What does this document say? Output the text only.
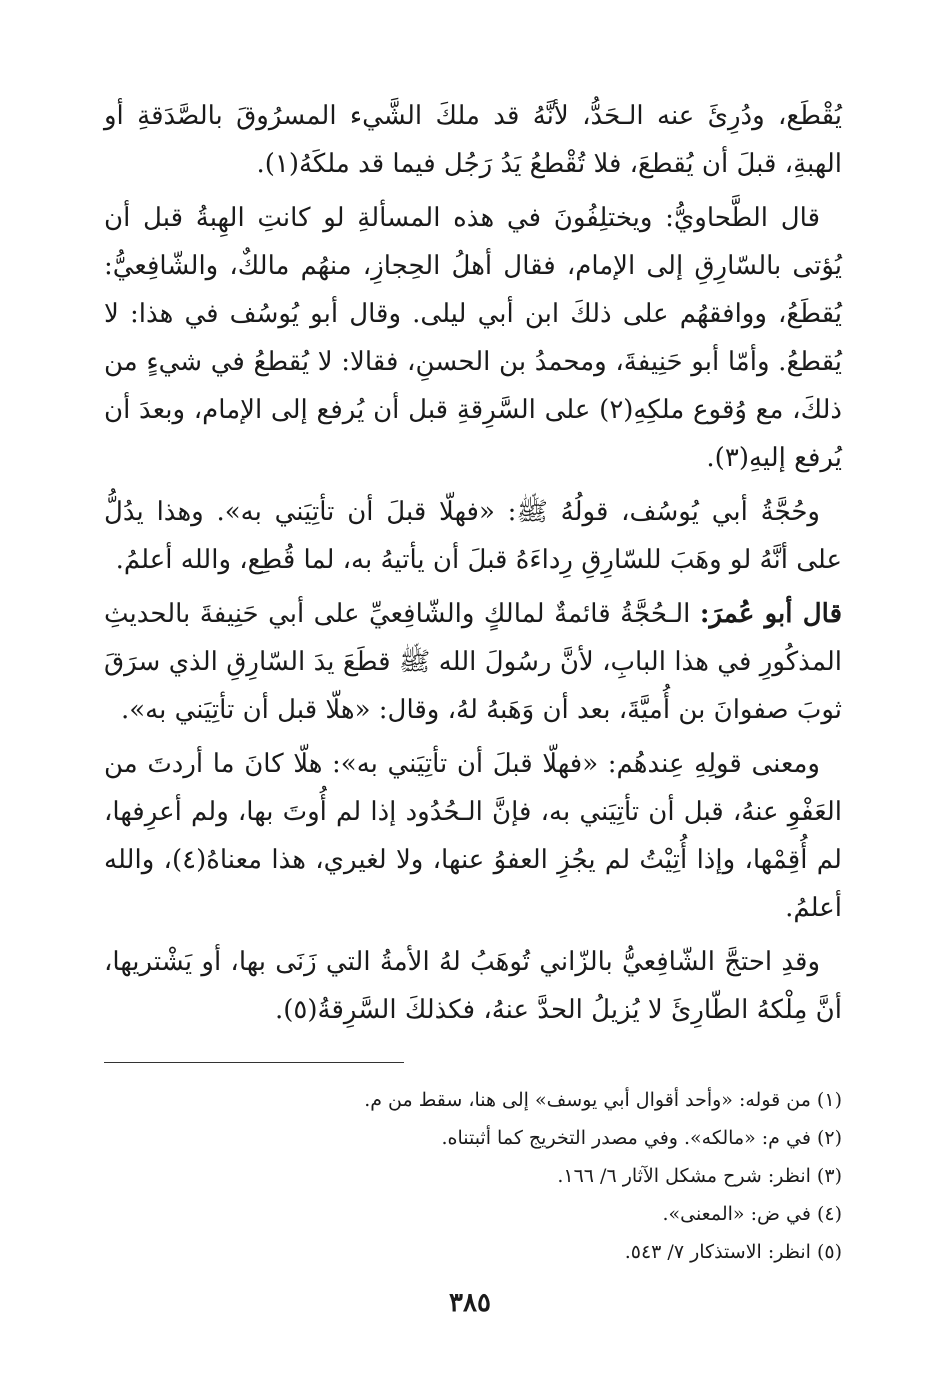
يُقْطَع، ودُرِئَ عنه الـحَدُّ، لأنَّهُ قد ملكَ الشَّيء المسرُوقَ بالصَّدَقةِ أو الهبةِ، قبلَ أن يُقطعَ، فلا تُقْطعُ يَدُ رَجُل فيما قد ملكَهُ(١).

قال الطَّحاويُّ: ويختلِفُونَ في هذه المسألةِ لو كانتِ الهِبةُ قبل أن يُؤتى بالسّارِقِ إلى الإمام، فقال أهلُ الحِجازِ، منهُم مالكٌ، والشّافِعيُّ: يُقطَعُ، ووافقهُم على ذلكَ ابن أبي ليلى. وقال أبو يُوسُف في هذا: لا يُقطعُ. وأمّا أبو حَنِيفةَ، ومحمدُ بن الحسنِ، فقالا: لا يُقطعُ في شيءٍ من ذلكَ، مع وُقوع ملكِهِ(٢) على السَّرِقةِ قبل أن يُرفع إلى الإمام، وبعدَ أن يُرفع إليهِ(٣).

وحُجَّةُ أبي يُوسُف، قولُهُ ﷺ: «فهلّا قبلَ أن تأتِيَني به». وهذا يدُلُّ على أنَّهُ لو وهَبَ للسّارِقِ رِداءَهُ قبلَ أن يأتيهُ به، لما قُطِع، والله أعلمُ.

قال أبو عُمرَ: الـحُجَّةُ قائمةٌ لمالكٍ والشّافِعيِّ على أبي حَنِيفةَ بالحديثِ المذكُورِ في هذا البابِ، لأنَّ رسُولَ الله ﷺ قطَعَ يدَ السّارِقِ الذي سرَقَ ثوبَ صفوانَ بن أُميَّةَ، بعد أن وَهَبهُ لهُ، وقال: «هلّا قبل أن تأتِيَني به».

ومعنى قولِهِ عِندهُم: «فهلّا قبلَ أن تأتِيَني به»: هلّا كانَ ما أردتَ من العَفْوِ عنهُ، قبل أن تأتِيَني به، فإنَّ الـحُدُود إذا لم أُوتَ بها، ولم أعرِفها، لم أُقِمْها، وإذا أُتِيْتُ لم يجُزِ العفوُ عنها، ولا لغيري، هذا معناهُ(٤)، والله أعلمُ.

وقدِ احتجَّ الشّافِعيُّ بالزّاني تُوهَبُ لهُ الأمةُ التي زَنَى بها، أو يَشْتريها، أنَّ مِلْكهُ الطّارِئَ لا يُزيلُ الحدَّ عنهُ، فكذلكَ السَّرِقةُ(٥).

(١) من قوله: «وأحد أقوال أبي يوسف» إلى هنا، سقط من م.
(٢) في م: «مالكه». وفي مصدر التخريج كما أثبتناه.
(٣) انظر: شرح مشكل الآثار ٦/ ١٦٦.
(٤) في ض: «المعنى».
(٥) انظر: الاستذكار ٧/ ٥٤٣.
٣٨٥
